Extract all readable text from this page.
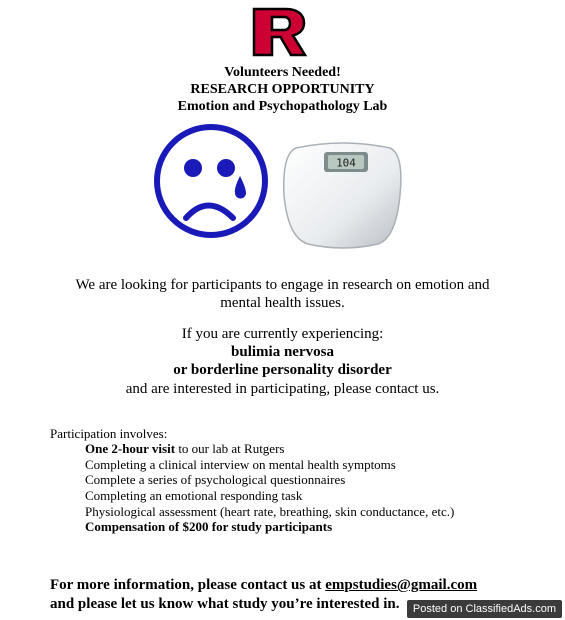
Volunteers Needed!
RESEARCH OPPORTUNITY
Emotion and Psychopathology Lab
104
We are looking for participants to engage in research on emotion and
mental health issues.
If you are currently experiencing:
bulimia nervosa
or borderline personality disorder
and are interested in participating, please contact us.
Participation involves:
One 2-hour visit to our lab at Rutgers
Completing a clinical interview on mental health symptoms
Complete a series of psychological questionnaires
Completing an emotional responding task
Physiological assessment (heart rate, breathing, skin conductance, etc.)
Compensation of $200 for study participants
For more information, please contact us at empstudies@gmail.com
and please let us know what study you’re interested in.	Posted on ClassifiedAds.com
